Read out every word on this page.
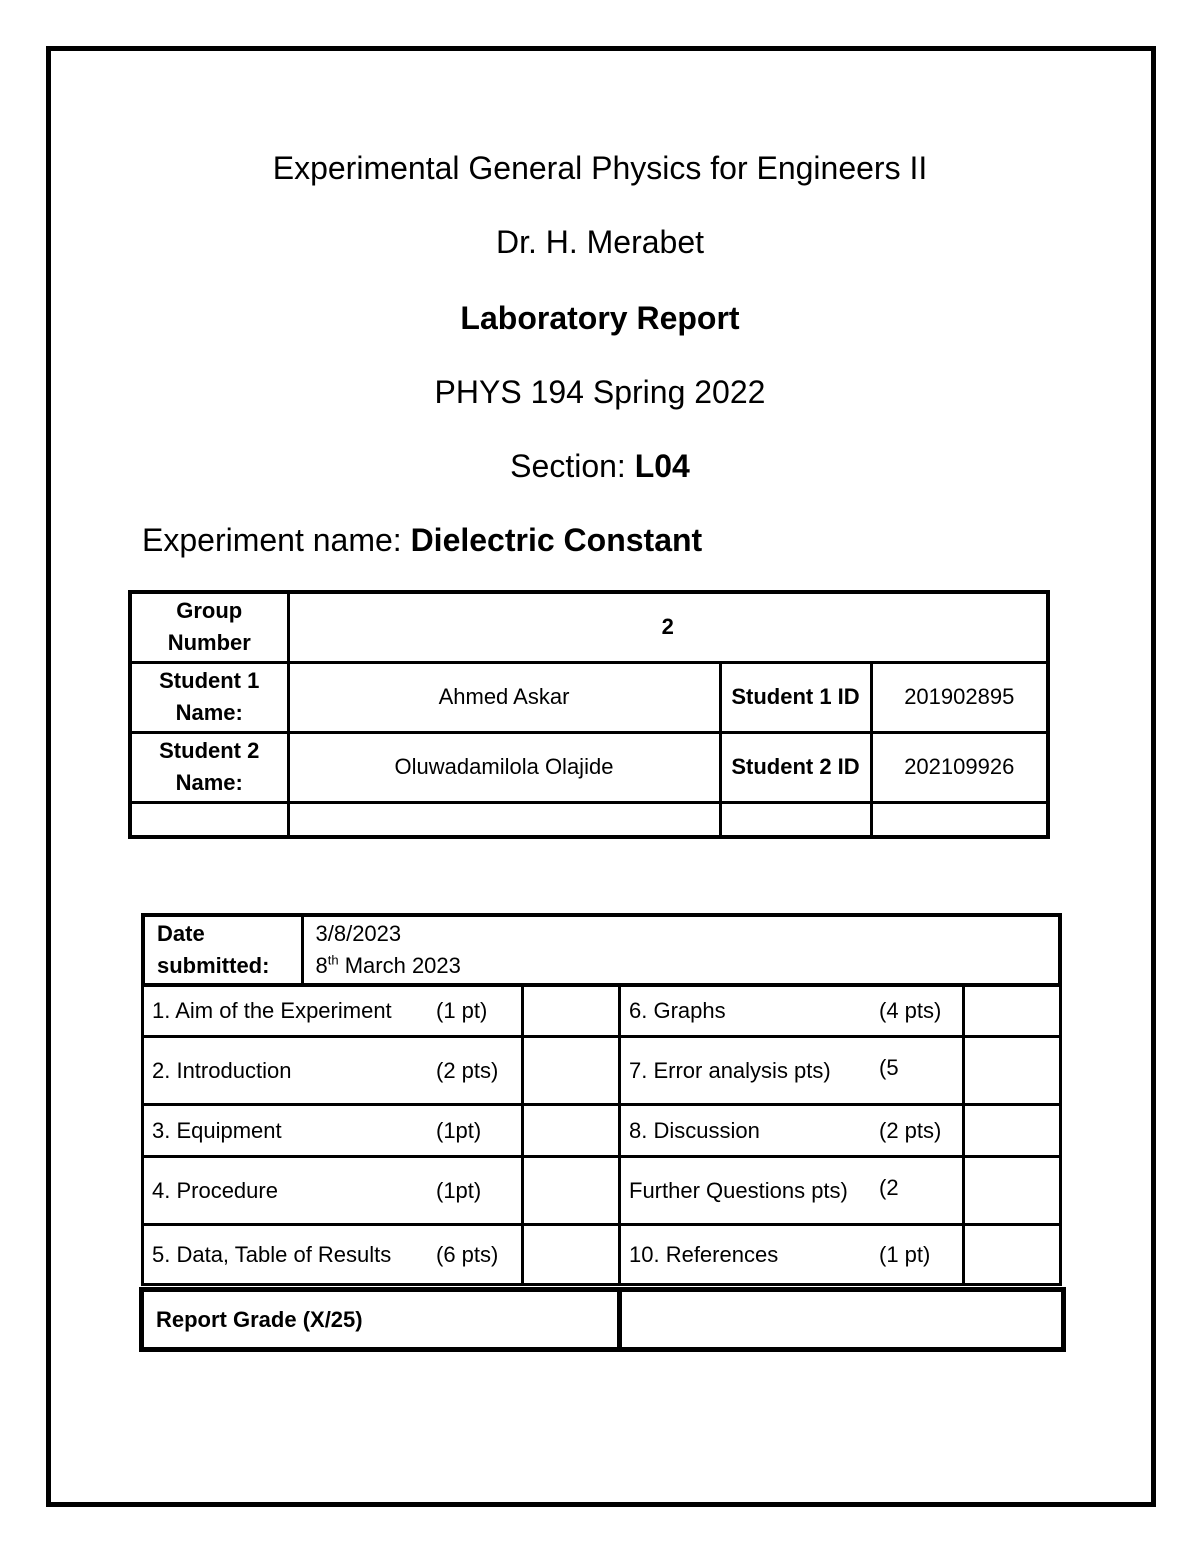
Experimental General Physics for Engineers II
Dr. H. Merabet
Laboratory Report
PHYS 194 Spring 2022
Section: L04
Experiment name: Dielectric Constant
Group Number	2		
Student 1 Name:	Ahmed Askar	Student 1 ID	201902895
Student 2 Name:	Oluwadamilola Olajide	Student 2 ID	202109926

Date submitted:	
3/8/2023
8th March 2023
1. Aim of the Experiment (1 pt)		6. Graphs (4 pts)	

2. Introduction (2 pts)		7. Error analysis pts) (5	

3. Equipment (1pt)		8. Discussion (2 pts)	

4. Procedure (1pt)		Further Questions pts) (2	

5. Data, Table of Results (6 pts)		10. References (1 pt)	

Report Grade (X/25)	
